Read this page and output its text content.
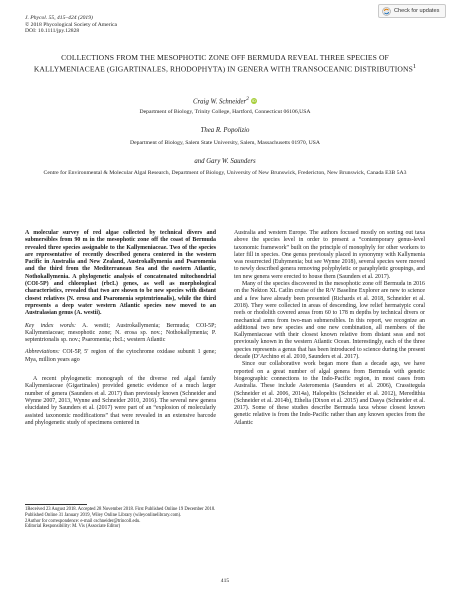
J. Phycol. 55, 415–424 (2019)
© 2018 Phycological Society of America
DOI: 10.1111/jpy.12828
Check for updates
COLLECTIONS FROM THE MESOPHOTIC ZONE OFF BERMUDA REVEAL THREE SPECIES OF KALLYMENIACEAE (GIGARTINALES, RHODOPHYTA) IN GENERA WITH TRANSOCEANIC DISTRIBUTIONS$^1$
Craig W. Schneider$^2$ iD
Department of Biology, Trinity College, Hartford, Connecticut 06106,USA
Thea R. Popolizio
Department of Biology, Salem State University, Salem, Massachusetts 01970, USA
and Gary W. Saunders
Centre for Environmental & Molecular Algal Research, Department of Biology, University of New Brunswick, Fredericton, New Brunswick, Canada E3B 5A3

A molecular survey of red algae collected by technical divers and submersibles from 90 m in the mesophotic zone off the coast of Bermuda revealed three species assignable to the Kallymeniaceae. Two of the species are representative of recently described genera centered in the western Pacific in Australia and New Zealand, Austrokallymenia and Psaromenia and the third from the Mediterranean Sea and the eastern Atlantic, Nothokallymenia. A phylogenetic analysis of concatenated mitochondrial (COI-5P) and chloroplast (rbcL) genes, as well as morphological characteristics, revealed that two are shown to be new species with distant closest relatives (N. erosa and Psaromenia septentrionalis), while the third represents a deep water western Atlantic species now moved to an Australasian genus (A. westii).

Key index words: A. westii; Austrokallymenia; Bermuda; COI-5P; Kallymeniaceae; mesophotic zone; N. erosa sp. nov.; Nothokallymenia; P. septentrionalis sp. nov.; Psaromenia; rbcL; western Atlantic

Abbreviations: COI-5P, 5′ region of the cytochrome oxidase subunit 1 gene; Mya, million years ago

A recent phylogenetic monograph of the diverse red algal family Kallymeniaceae (Gigartinales) provided genetic evidence of a much larger number of genera (Saunders et al. 2017) than previously known (Schneider and Wynne 2007, 2013, Wynne and Schneider 2010, 2016). The several new genera elucidated by Saunders et al. (2017) were part of an “explosion of molecularly assisted taxonomic modifications” that were revealed in an extensive barcode and phylogenetic study of specimens centered in

1Received 23 August 2018. Accepted 28 November 2018. First Published Online 19 December 2018. Published Online 31 January 2019, Wiley Online Library (wileyonlinelibrary.com).

2Author for correspondence: e-mail cschneider@trincoll.edu.

Editorial Responsibility: M. Vis (Associate Editor)

Australia and western Europe. The authors focused mostly on sorting out taxa above the species level in order to present a “contemporary genus-level taxonomic framework” built on the principle of monophyly for other workers to later fill in species. One genus previously placed in synonymy with Kallymenia was resurrected (Euhymenia; but see Wynne 2018), several species were moved to newly described genera removing polyphyletic or paraphyletic groupings, and ten new genera were erected to house them (Saunders et al. 2017).

Many of the species discovered in the mesophotic zone off Bermuda in 2016 on the Nekton XL Catlin cruise of the R/V Baseline Explorer are new to science and a few have already been presented (Richards et al. 2018, Schneider et al. 2018). They were collected in areas of descending, low relief hermatypic coral reefs or rhodolith covered areas from 60 to 178 m depths by technical divers or mechanical arms from two-man submersibles. In this report, we recognize an additional two new species and one new combination, all members of the Kallymeniaceae with their closest known relative from distant seas and not previously known in the western Atlantic Ocean. Interestingly, each of the three species represents a genus that has been introduced to science during the present decade (D’Archino et al. 2010, Saunders et al. 2017).

Since our collaborative work began more than a decade ago, we have reported on a great number of algal genera from Bermuda with genetic biogeographic connections to the Indo-Pacific region, in most cases from Australia. These include Asteromenia (Saunders et al. 2006), Crassitegula (Schneider et al. 2006, 2014a), Halopeltis (Schneider et al. 2012), Meredithia (Schneider et al. 2014b), Ethelia (Dixon et al. 2015) and Dasya (Schneider et al. 2017). Some of these studies describe Bermuda taxa whose closest known genetic relative is from the Indo-Pacific rather than any known species from the Atlantic

415
